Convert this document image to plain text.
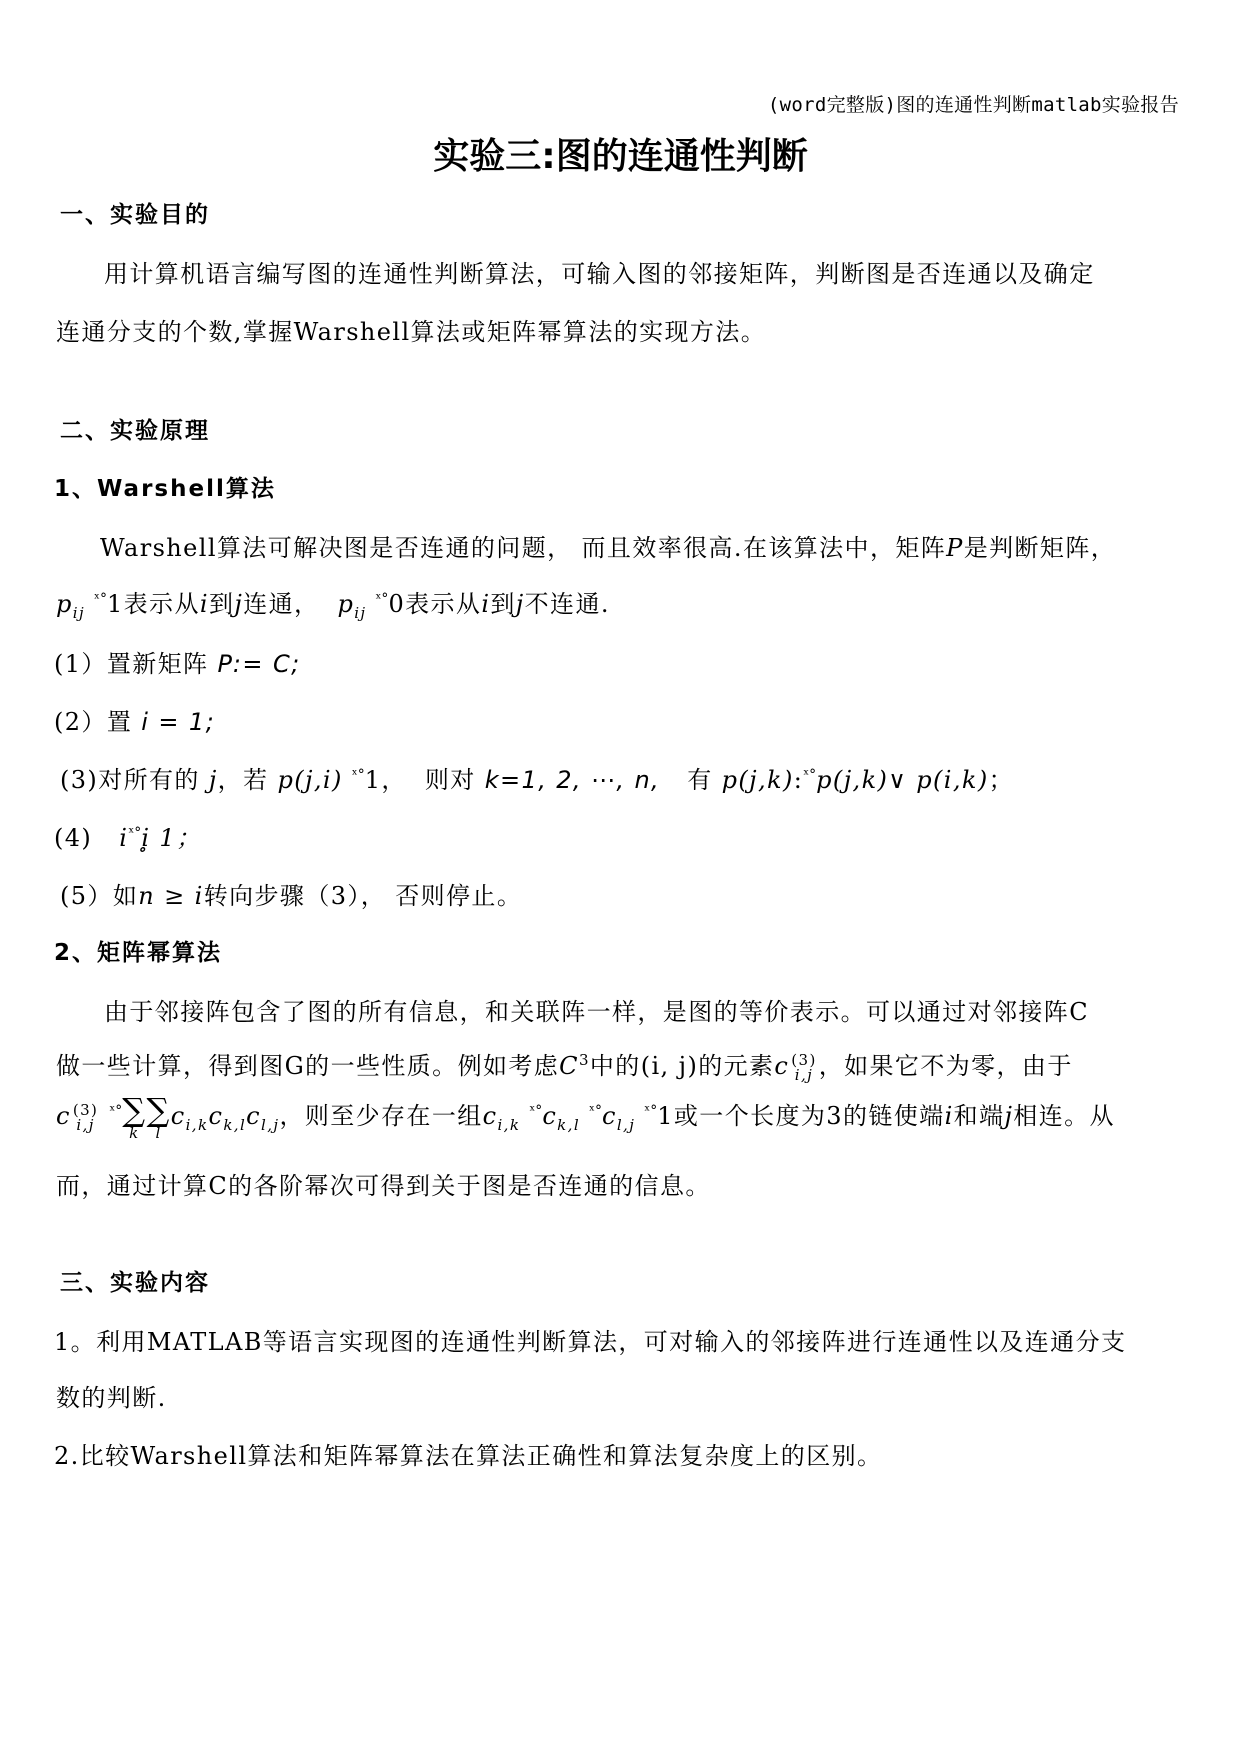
(word完整版)图的连通性判断matlab实验报告
实验三:图的连通性判断
一、实验目的
用计算机语言编写图的连通性判断算法，可输入图的邻接矩阵，判断图是否连通以及确定
连通分支的个数,掌握Warshell算法或矩阵幂算法的实现方法。
二、实验原理
1、Warshell算法
Warshell算法可解决图是否连通的问题， 而且效率很高.在该算法中，矩阵P是判断矩阵，
$p_{ij}$ $^{ˣ^\circ}$1表示从i到j连通， $p_{ij}$ $^{ˣ^\circ}$0表示从i到j不连通.
(1）置新矩阵 P:= C;
(2）置 i = 1;
(3)对所有的 j，若 p(j,i) $^{ˣ^\circ}$1， 则对 k=1, 2, ⋯, n, 有 p(j,k):$^{ˣ^\circ}$p(j,k)∨ p(i,k)；
(4) $i^{ˣ^\circ}i̥$ 1；
(5）如n ≥ i转向步骤（3）， 否则停止。
2、矩阵幂算法
由于邻接阵包含了图的所有信息，和关联阵一样，是图的等价表示。可以通过对邻接阵C
做一些计算，得到图G的一些性质。例如考虑$C^3$中的(i, j)的元素c (3)
i,j ，如果它不为零，由于
c (3)
i,j
$^{ˣ^\circ}$∑
k
∑
l
$c_{i,k}c_{k,l}c_{l,j}$，则至少存在一组$c_{i,k}$ $^{ˣ^\circ}c_{k,l}$ $^{ˣ^\circ}c_{l,j}$ $^{ˣ^\circ}$1或一个长度为3的链使端i和端j相连。从
而，通过计算C的各阶幂次可得到关于图是否连通的信息。
三、实验内容
1。利用MATLAB等语言实现图的连通性判断算法，可对输入的邻接阵进行连通性以及连通分支
数的判断.
2.比较Warshell算法和矩阵幂算法在算法正确性和算法复杂度上的区别。
